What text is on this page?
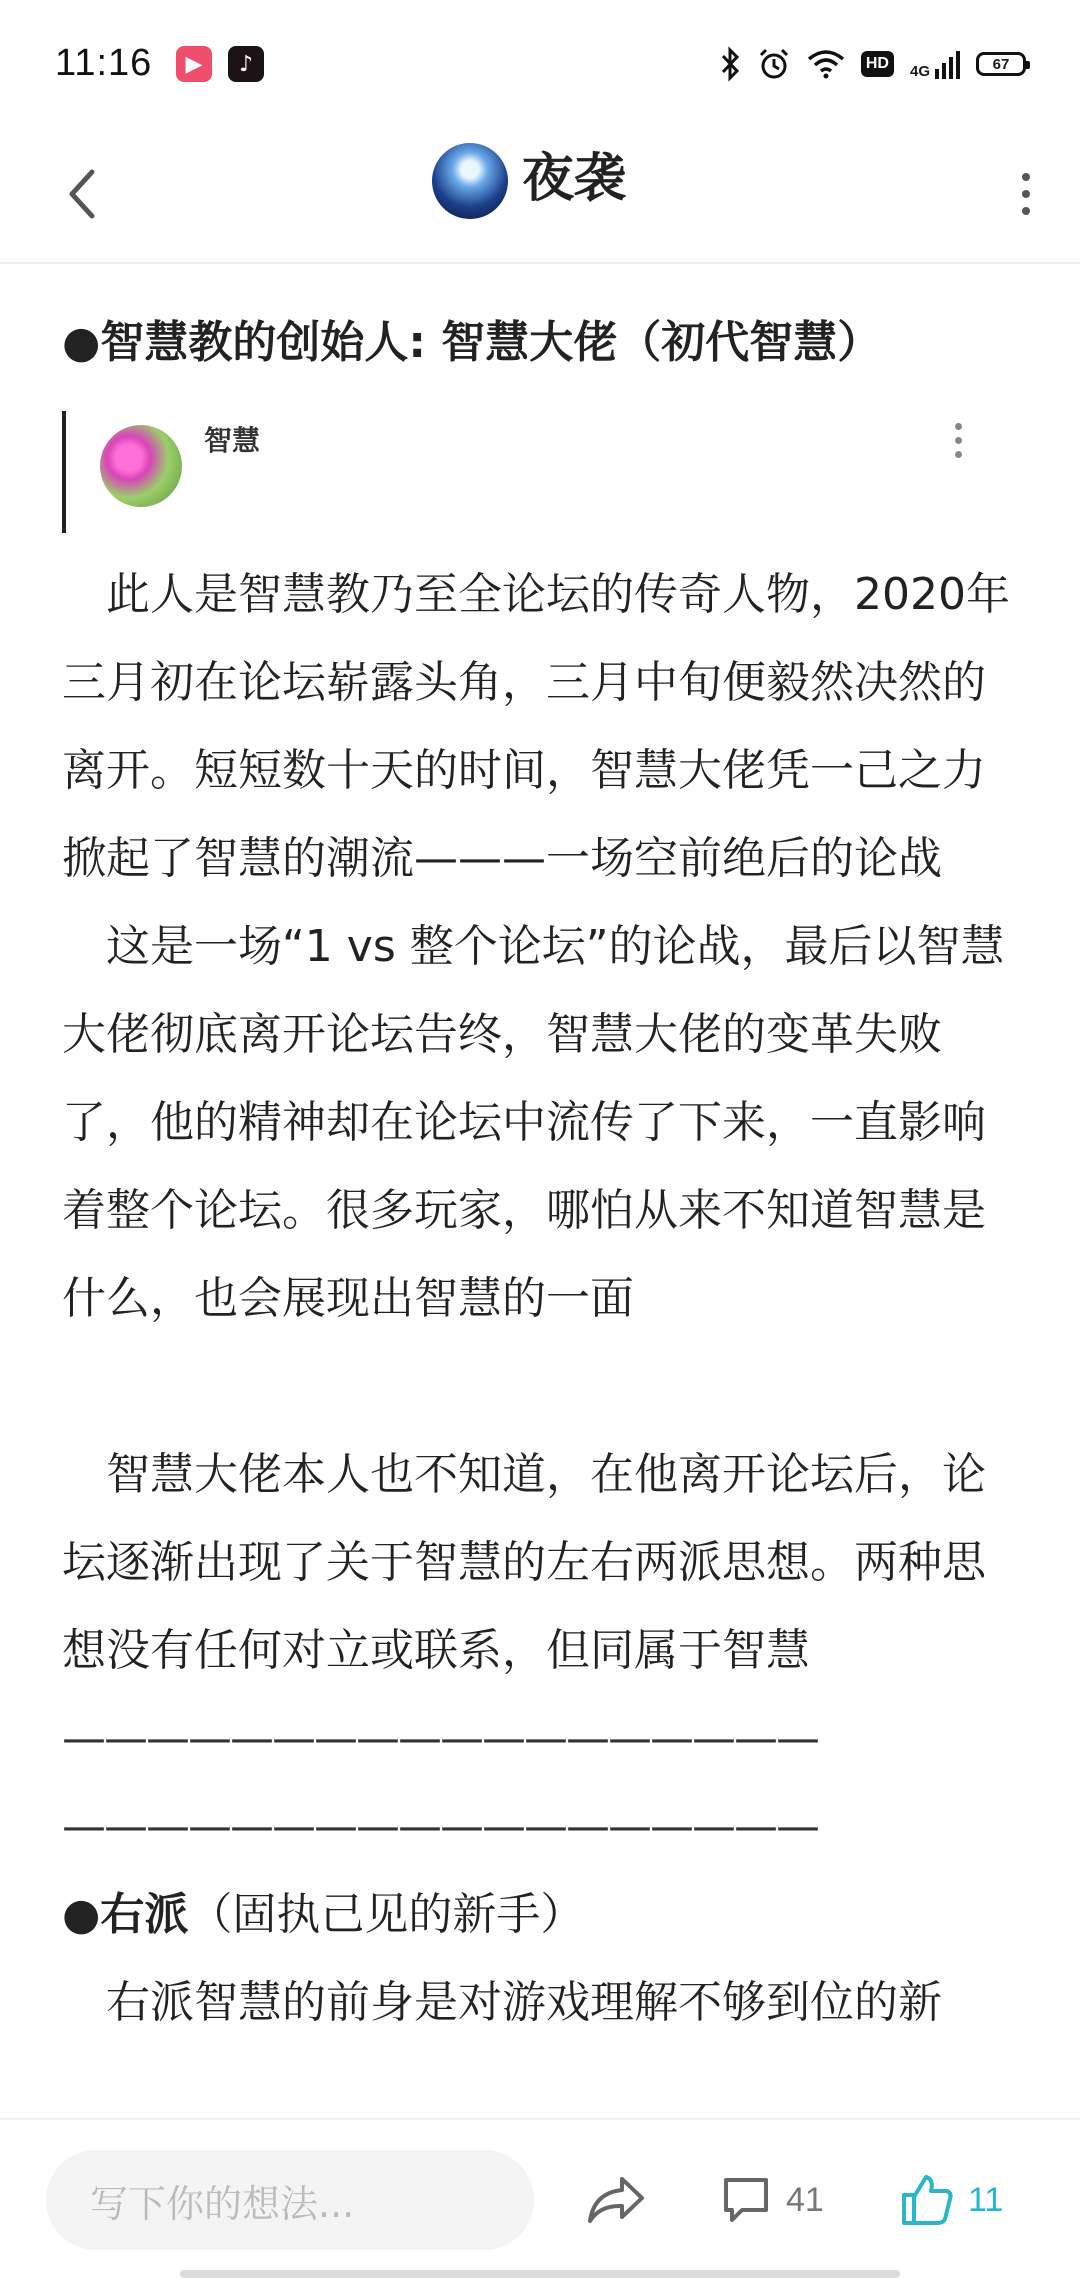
11:16	▶	♪	HD	4G	67
夜袭

●智慧教的创始人: 智慧大佬（初代智慧）

智慧

　此人是智慧教乃至全论坛的传奇人物，2020年三月初在论坛崭露头角，三月中旬便毅然决然的离开。短短数十天的时间，智慧大佬凭一己之力掀起了智慧的潮流———一场空前绝后的论战

　这是一场“1 vs 整个论坛”的论战，最后以智慧大佬彻底离开论坛告终，智慧大佬的变革失败了，他的精神却在论坛中流传了下来，一直影响着整个论坛。很多玩家，哪怕从来不知道智慧是什么，也会展现出智慧的一面

　智慧大佬本人也不知道，在他离开论坛后，论坛逐渐出现了关于智慧的左右两派思想。两种思想没有任何对立或联系，但同属于智慧

——————————————————
——————————————————

●右派（固执己见的新手）

　右派智慧的前身是对游戏理解不够到位的新

写下你的想法...	41	11
